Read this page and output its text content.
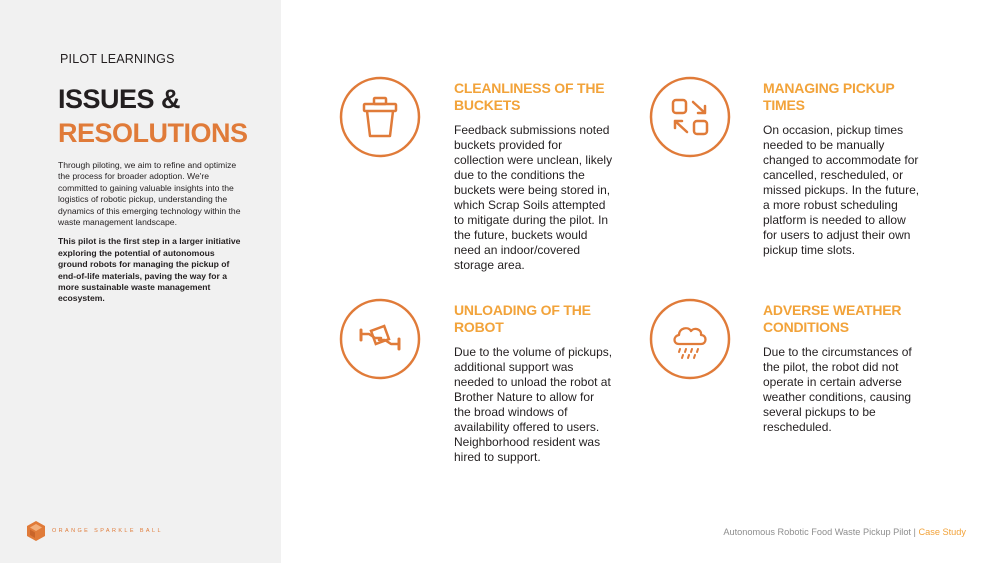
PILOT LEARNINGS
ISSUES &
RESOLUTIONS

Through piloting, we aim to refine and optimize the process for broader adoption. We're committed to gaining valuable insights into the logistics of robotic pickup, understanding the dynamics of this emerging technology within the waste management landscape.

This pilot is the first step in a larger initiative exploring the potential of autonomous ground robots for managing the pickup of end-of-life materials, paving the way for a more sustainable waste management ecosystem.

ORANGE SPARKLE BALL
CLEANLINESS OF THE BUCKETS
Feedback submissions noted buckets provided for collection were unclean, likely due to the conditions the buckets were being stored in, which Scrap Soils attempted to mitigate during the pilot. In the future, buckets would need an indoor/covered storage area.
MANAGING PICKUP TIMES
On occasion, pickup times needed to be manually changed to accommodate for cancelled, rescheduled, or missed pickups. In the future, a more robust scheduling platform is needed to allow for users to adjust their own pickup time slots.
UNLOADING OF THE ROBOT
Due to the volume of pickups, additional support was needed to unload the robot at Brother Nature to allow for the broad windows of availability offered to users. Neighborhood resident was hired to support.
ADVERSE WEATHER CONDITIONS
Due to the circumstances of the pilot, the robot did not operate in certain adverse weather conditions, causing several pickups to be rescheduled.
Autonomous Robotic Food Waste Pickup Pilot | Case Study
